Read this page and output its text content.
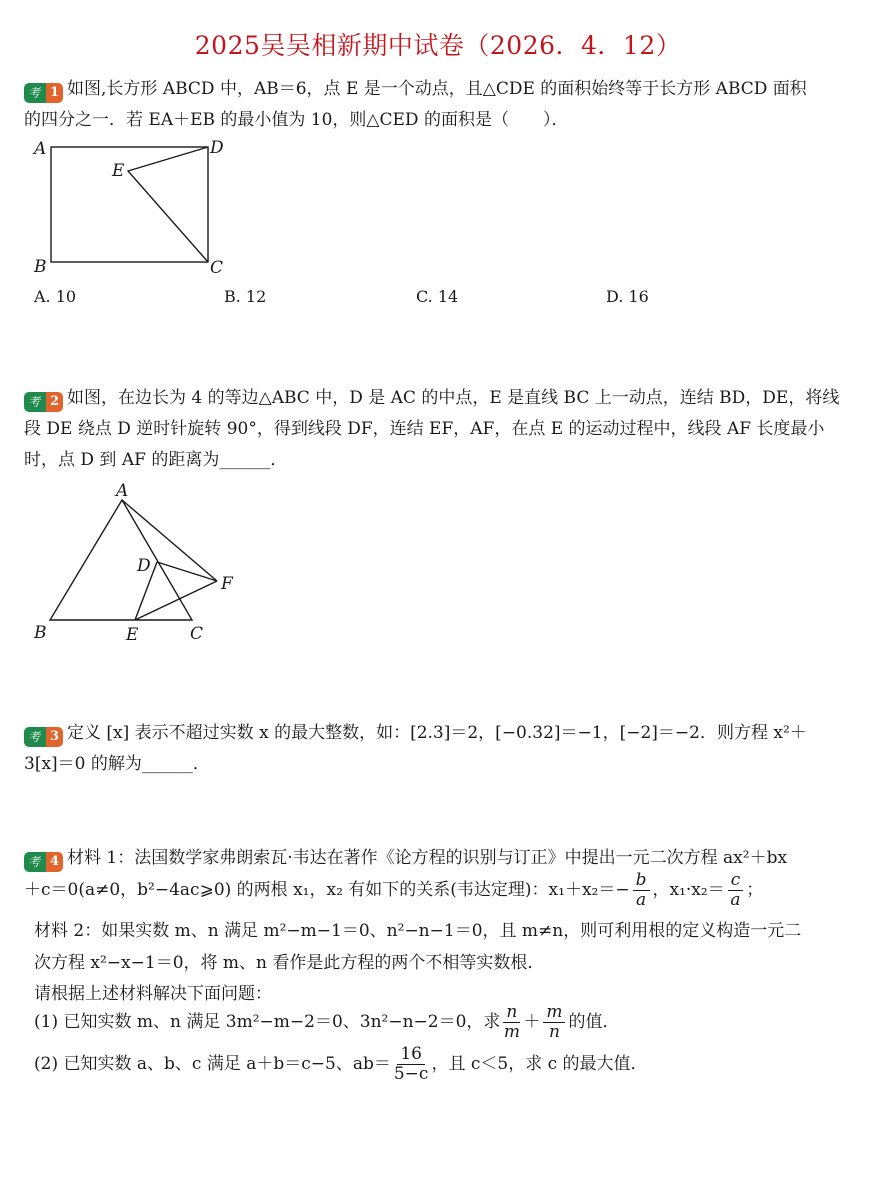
2025吴吴相新期中试卷（2026．4．12）
考 1 如图,长方形 ABCD 中，AB＝6，点 E 是一个动点，且△CDE 的面积始终等于长方形 ABCD 面积
的四分之一．若 EA＋EB 的最小值为 10，则△CED 的面积是（　　）．
A
B	C
D
E
A. 10	B. 12	C. 14	D. 16
考 2 如图，在边长为 4 的等边△ABC 中，D 是 AC 的中点，E 是直线 BC 上一动点，连结 BD，DE，将线
段 DE 绕点 D 逆时针旋转 90°，得到线段 DF，连结 EF，AF，在点 E 的运动过程中，线段 AF 长度最小
时，点 D 到 AF 的距离为______．
A
B	C
D
E
F
考 3 定义 [x] 表示不超过实数 x 的最大整数，如：[2.3]＝2，[−0.32]＝−1，[−2]＝−2．则方程 x²＋
3[x]＝0 的解为______．
考 4 材料 1：法国数学家弗朗索瓦·韦达在著作《论方程的识别与订正》中提出一元二次方程 ax²＋bx
＋c＝0(a≠0，b²−4ac⩾0) 的两根 x₁，x₂ 有如下的关系(韦达定理)：$x_1+x_2=- \frac{b}{a}$ ，$x_1\cdot x_2= \frac{c}{a}$ ；
材料 2：如果实数 m、n 满足 m²−m−1＝0、n²−n−1＝0，且 m≠n，则可利用根的定义构造一元二
次方程 x²−x−1＝0，将 m、n 看作是此方程的两个不相等实数根．
请根据上述材料解决下面问题：
(1) 已知实数 m、n 满足 3m²−m−2＝0、3n²−n−2＝0，求 $\frac{n}{m} + \frac{m}{n}$ 的值．
(2) 已知实数 a、b、c 满足 a＋b＝c−5、$ab= \frac{16}{5-c}$ ，且 c＜5，求 c 的最大值．
